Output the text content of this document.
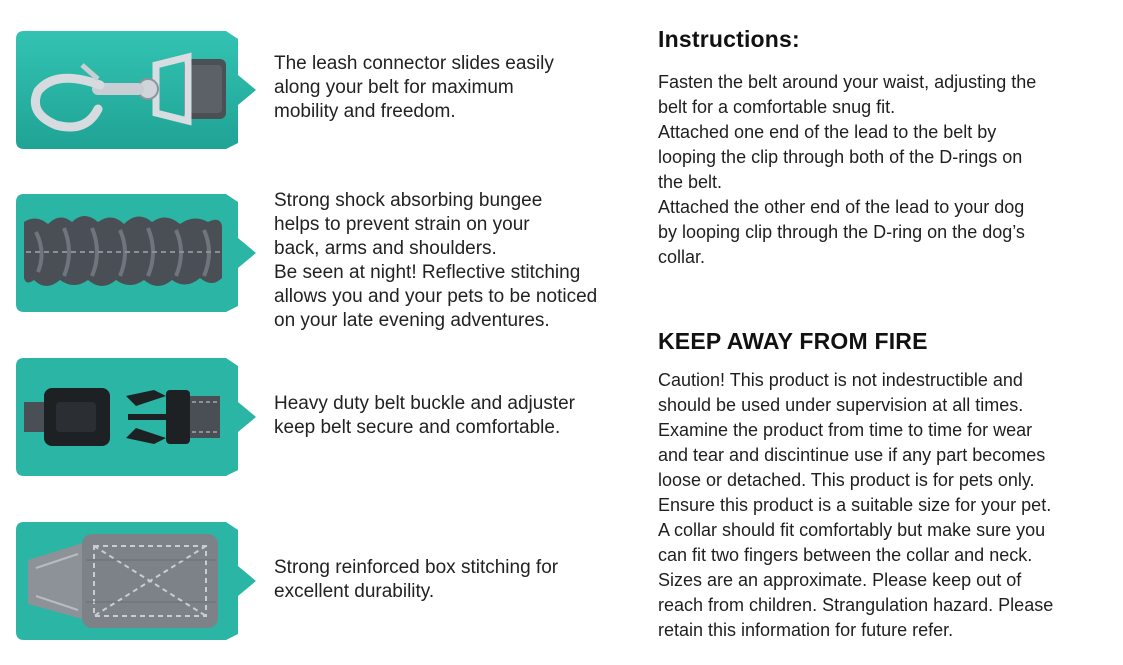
The leash connector slides easily
along your belt for maximum
mobility and freedom.

Strong shock absorbing bungee
helps to prevent strain on your
back, arms and shoulders.
Be seen at night! Reflective stitching
allows you and your pets to be noticed
on your late evening adventures.

Heavy duty belt buckle and adjuster
keep belt secure and comfortable.

Strong reinforced box stitching for
excellent durability.

Instructions:

Fasten the belt around your waist, adjusting the
belt for a comfortable snug fit.
Attached one end of the lead to the belt by
looping the clip through both of the D-rings on
the belt.
Attached the other end of the lead to your dog
by looping clip through the D-ring on the dog’s
collar.

KEEP AWAY FROM FIRE

Caution! This product is not indestructible and
should be used under supervision at all times.
Examine the product from time to time for wear
and tear and discintinue use if any part becomes
loose or detached. This product is for pets only.
Ensure this product is a suitable size for your pet.
A collar should fit comfortably but make sure you
can fit two fingers between the collar and neck.
Sizes are an approximate. Please keep out of
reach from children. Strangulation hazard. Please
retain this information for future refer.
